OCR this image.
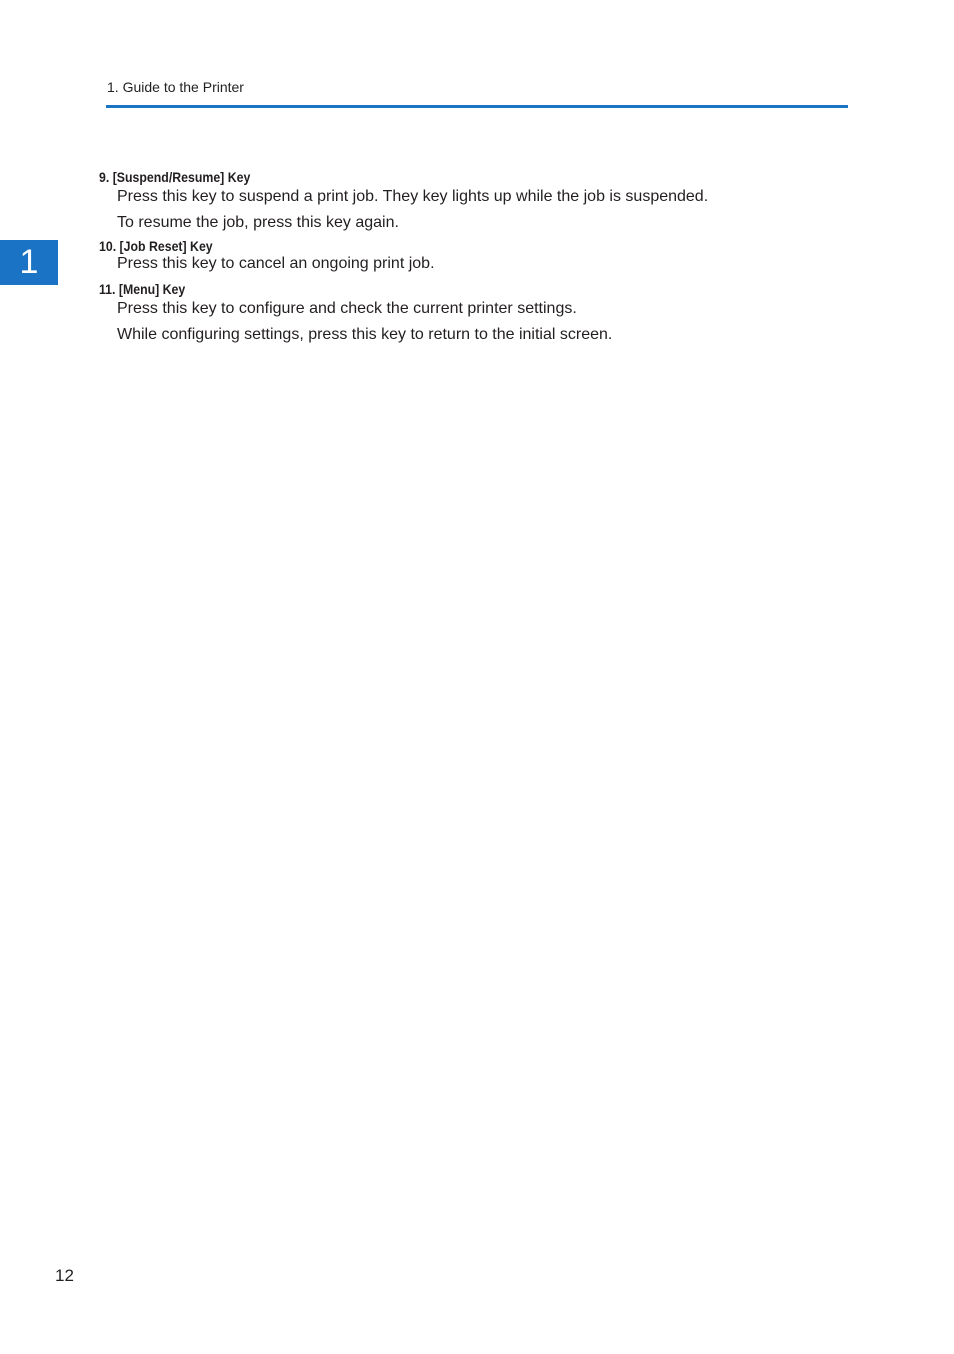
1. Guide to the Printer
1
9. [Suspend/Resume] Key

Press this key to suspend a print job. They key lights up while the job is suspended.

To resume the job, press this key again.

10. [Job Reset] Key

Press this key to cancel an ongoing print job.

11. [Menu] Key

Press this key to configure and check the current printer settings.

While configuring settings, press this key to return to the initial screen.

12
